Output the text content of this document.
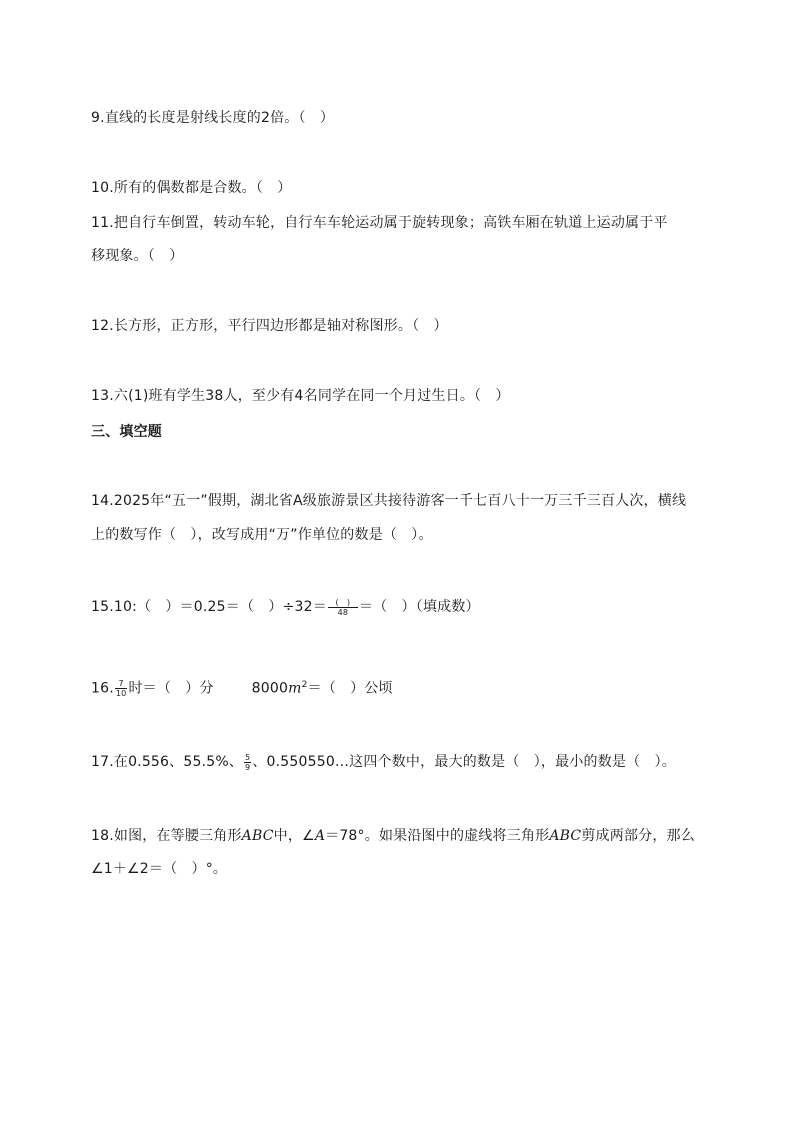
9.直线的长度是射线长度的2倍。（　）
10.所有的偶数都是合数。（　）
11.把自行车倒置，转动车轮，自行车车轮运动属于旋转现象；高铁车厢在轨道上运动属于平
移现象。（　）
12.长方形，正方形，平行四边形都是轴对称图形。（　）
13.六(1)班有学生38人，至少有4名同学在同一个月过生日。（　）
三、填空题
14.2025年“五一”假期，湖北省A级旅游景区共接待游客一千七百八十一万三千三百人次，横线
上的数写作（　），改写成用“万”作单位的数是（　）。
15.10:（　）＝0.25＝（　）$\div 32= \frac{( )}{48}$ ＝（　）（填成数）
16. $\frac{7}{10}$ 时＝（　）分	$8000m^2=$（　）公顷
17.在0.556、55.5%、 $\frac{5}{9}$ 、0.550550…这四个数中，最大的数是（　），最小的数是（　）。
18.如图，在等腰三角形ABC中，∠A＝78°。如果沿图中的虚线将三角形ABC剪成两部分，那么
∠1＋∠2＝（　）°。
